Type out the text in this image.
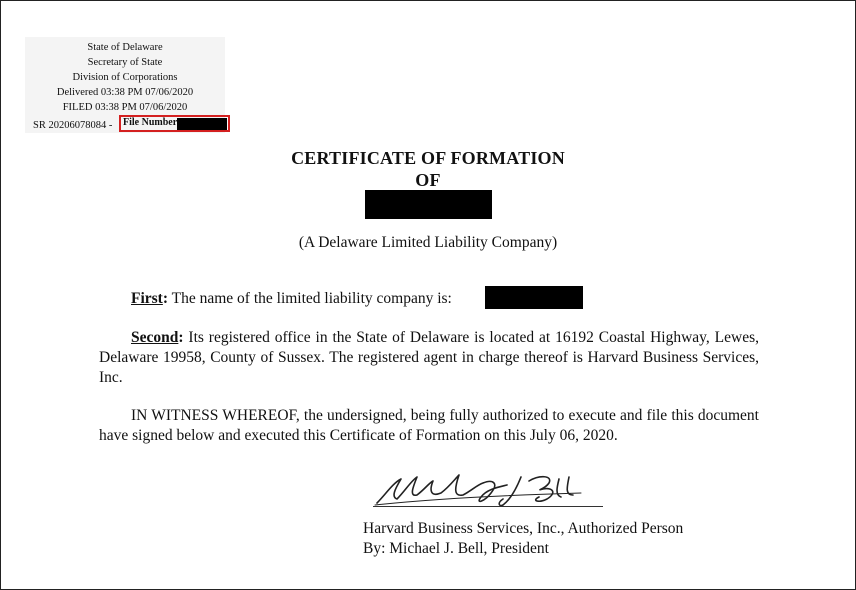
State of Delaware
Secretary of State
Division of Corporations
Delivered 03:38 PM 07/06/2020
FILED 03:38 PM 07/06/2020
SR 20206078084 - File Number
CERTIFICATE OF FORMATION
OF
(A Delaware Limited Liability Company)
First: The name of the limited liability company is:
Second: Its registered office in the State of Delaware is located at 16192 Coastal Highway, Lewes, Delaware 19958, County of Sussex. The registered agent in charge thereof is Harvard Business Services, Inc.
IN WITNESS WHEREOF, the undersigned, being fully authorized to execute and file this document have signed below and executed this Certificate of Formation on this July 06, 2020.
Harvard Business Services, Inc., Authorized Person
By: Michael J. Bell, President
